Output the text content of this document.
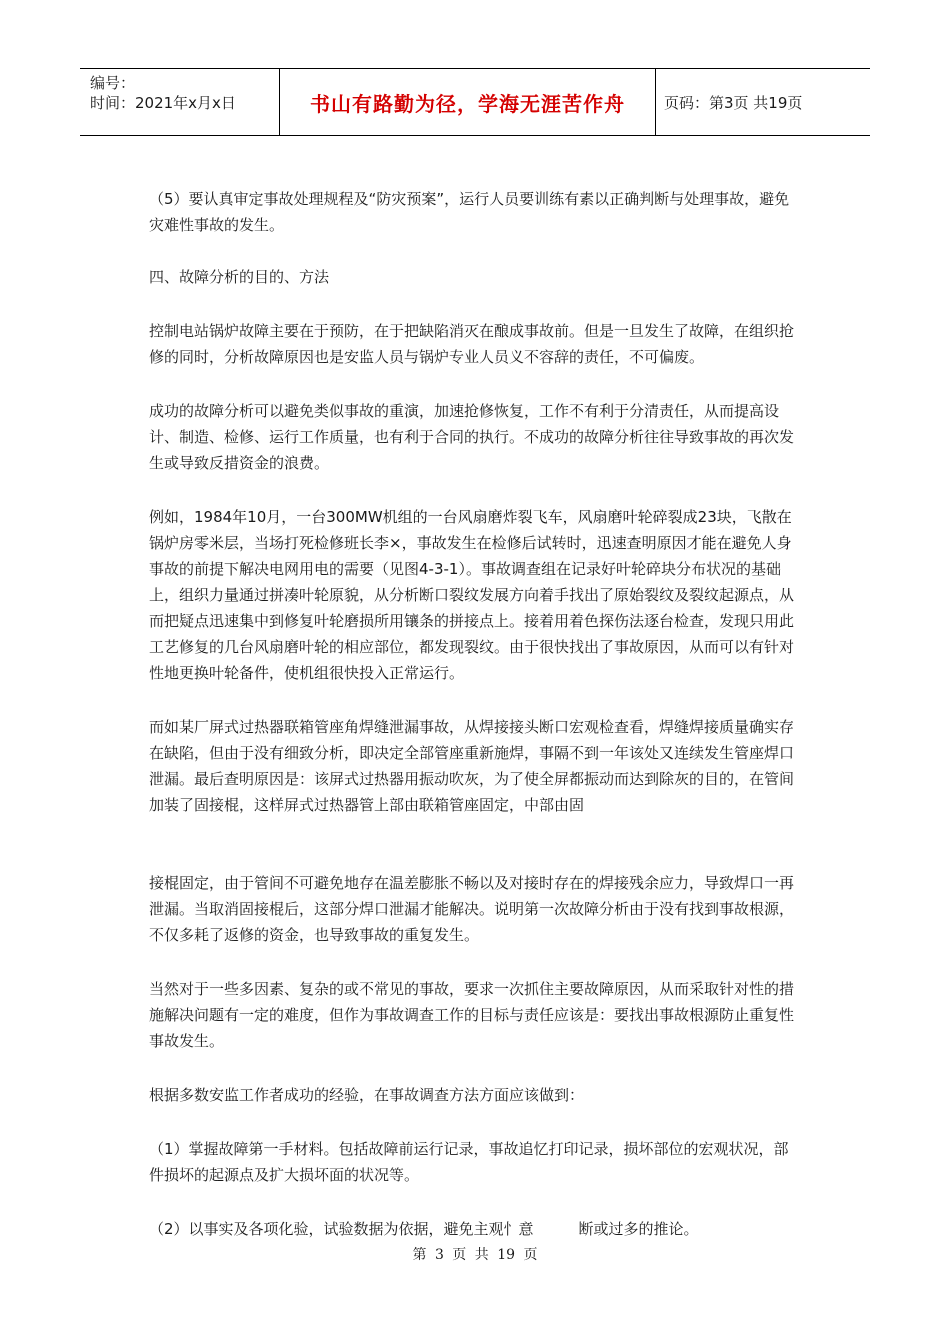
编号：
时间：2021年x月x日	书山有路勤为径，学海无涯苦作舟	页码：第3页 共19页

（5）要认真审定事故处理规程及“防灾预案”，运行人员要训练有素以正确判断与处理事故，避免灾难性事故的发生。

四、故障分析的目的、方法

控制电站锅炉故障主要在于预防，在于把缺陷消灭在酿成事故前。但是一旦发生了故障，在组织抢修的同时，分析故障原因也是安监人员与锅炉专业人员义不容辞的责任，不可偏废。

成功的故障分析可以避免类似事故的重演，加速抢修恢复，工作不有利于分清责任，从而提高设计、制造、检修、运行工作质量，也有利于合同的执行。不成功的故障分析往往导致事故的再次发生或导致反措资金的浪费。

例如，1984年10月，一台300MW机组的一台风扇磨炸裂飞车，风扇磨叶轮碎裂成23块，飞散在锅炉房零米层，当场打死检修班长李×，事故发生在检修后试转时，迅速查明原因才能在避免人身事故的前提下解决电网用电的需要（见图4-3-1）。事故调查组在记录好叶轮碎块分布状况的基础上，组织力量通过拼凑叶轮原貌，从分析断口裂纹发展方向着手找出了原始裂纹及裂纹起源点，从而把疑点迅速集中到修复叶轮磨损所用镶条的拼接点上。接着用着色探伤法逐台检查，发现只用此工艺修复的几台风扇磨叶轮的相应部位，都发现裂纹。由于很快找出了事故原因，从而可以有针对性地更换叶轮备件，使机组很快投入正常运行。

而如某厂屏式过热器联箱管座角焊缝泄漏事故，从焊接接头断口宏观检查看，焊缝焊接质量确实存在缺陷，但由于没有细致分析，即决定全部管座重新施焊，事隔不到一年该处又连续发生管座焊口泄漏。最后查明原因是：该屏式过热器用振动吹灰，为了使全屏都振动而达到除灰的目的，在管间加装了固接棍，这样屏式过热器管上部由联箱管座固定，中部由固

接棍固定，由于管间不可避免地存在温差膨胀不畅以及对接时存在的焊接残余应力，导致焊口一再泄漏。当取消固接棍后，这部分焊口泄漏才能解决。说明第一次故障分析由于没有找到事故根源，不仅多耗了返修的资金，也导致事故的重复发生。

当然对于一些多因素、复杂的或不常见的事故，要求一次抓住主要故障原因，从而采取针对性的措施解决问题有一定的难度，但作为事故调查工作的目标与责任应该是：要找出事故根源防止重复性事故发生。

根据多数安监工作者成功的经验，在事故调查方法方面应该做到：

（1）掌握故障第一手材料。包括故障前运行记录，事故追忆打印记录，损坏部位的宏观状况，部件损坏的起源点及扩大损坏面的状况等。

（2）以事实及各项化验，试验数据为依据，避免主观忄意　　　断或过多的推论。

第 3 页 共 19 页
